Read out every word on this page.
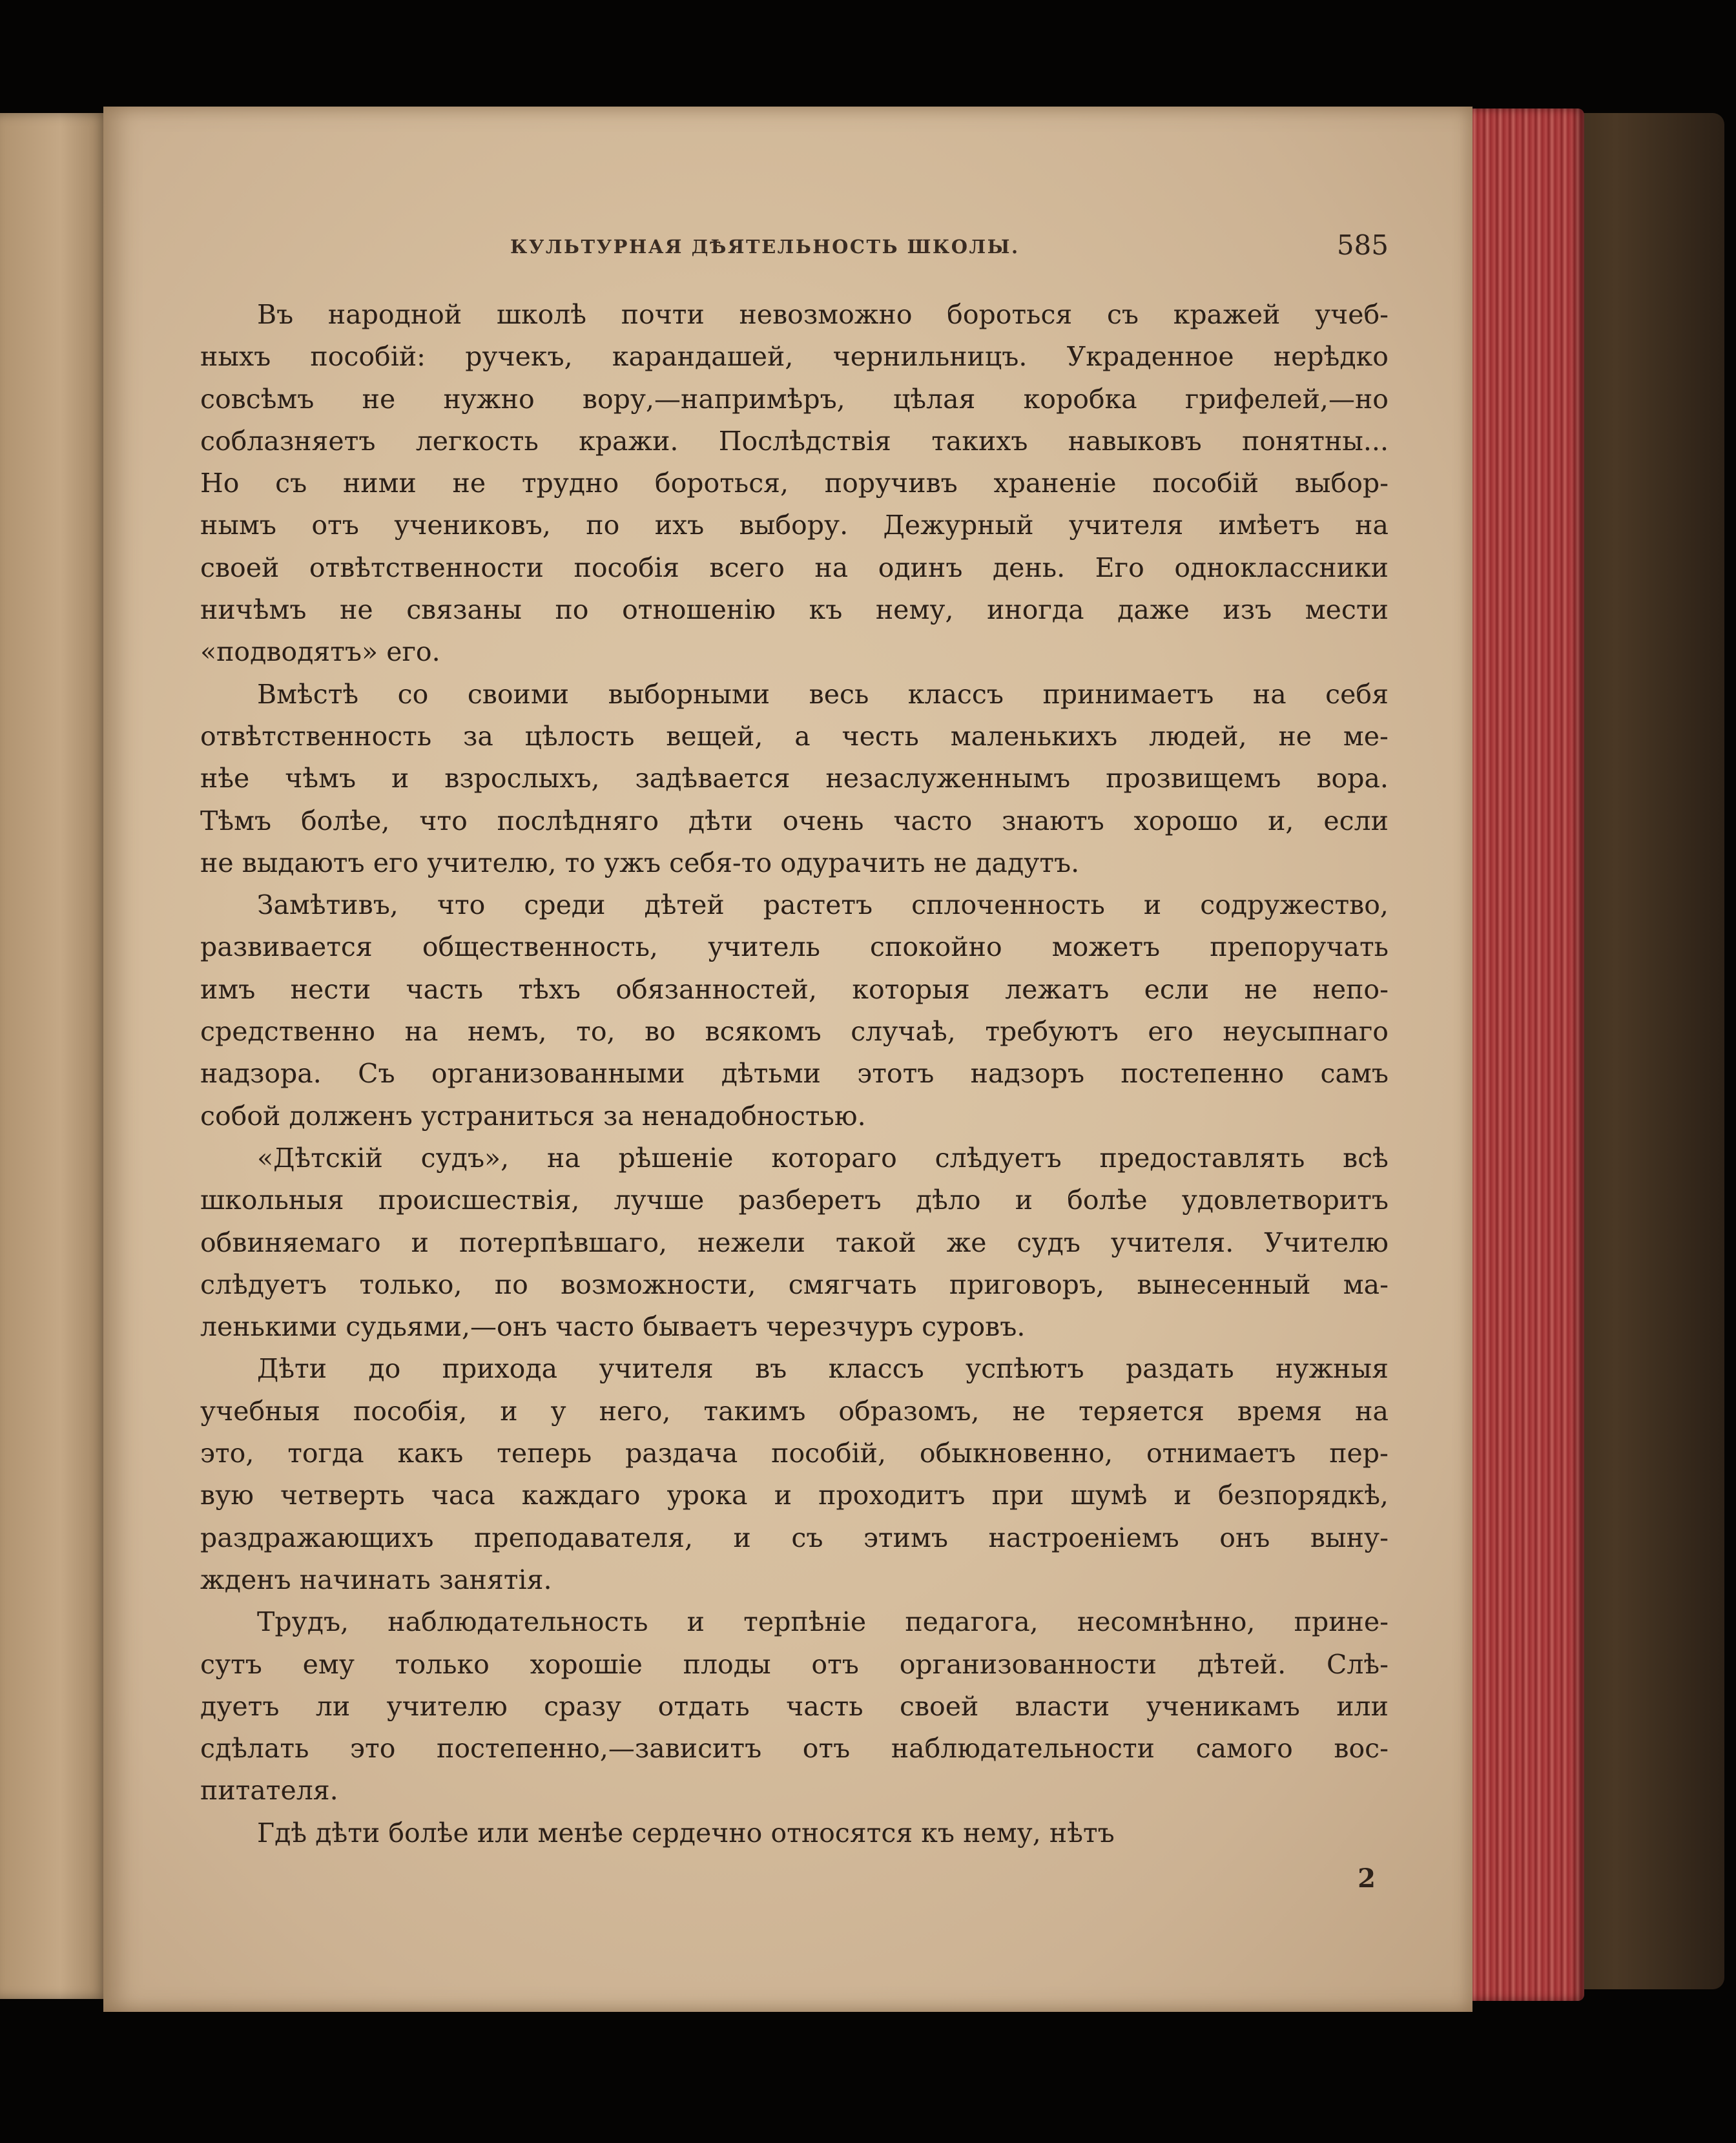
КУЛЬТУРНАЯ ДѢЯТЕЛЬНОСТЬ ШКОЛЫ.	585
Въ народной школѣ почти невозможно бороться съ кражей учеб-
ныхъ пособій: ручекъ, карандашей, чернильницъ. Украденное нерѣдко
совсѣмъ не нужно вору,—напримѣръ, цѣлая коробка грифелей,—но
соблазняетъ легкость кражи. Послѣдствія такихъ навыковъ понятны...
Но съ ними не трудно бороться, поручивъ храненіе пособій выбор-
нымъ отъ учениковъ, по ихъ выбору. Дежурный учителя имѣетъ на
своей отвѣтственности пособія всего на одинъ день. Его одноклассники
ничѣмъ не связаны по отношенію къ нему, иногда даже изъ мести
«подводятъ» его.
Вмѣстѣ со своими выборными весь классъ принимаетъ на себя
отвѣтственность за цѣлость вещей, а честь маленькихъ людей, не ме-
нѣе чѣмъ и взрослыхъ, задѣвается незаслуженнымъ прозвищемъ вора.
Тѣмъ болѣе, что послѣдняго дѣти очень часто знаютъ хорошо и, если
не выдаютъ его учителю, то ужъ себя-то одурачить не дадутъ.
Замѣтивъ, что среди дѣтей растетъ сплоченность и содружество,
развивается общественность, учитель спокойно можетъ препоручать
имъ нести часть тѣхъ обязанностей, которыя лежатъ если не непо-
средственно на немъ, то, во всякомъ случаѣ, требуютъ его неусыпнаго
надзора. Съ организованными дѣтьми этотъ надзоръ постепенно самъ
собой долженъ устраниться за ненадобностью.
«Дѣтскій судъ», на рѣшеніе котораго слѣдуетъ предоставлять всѣ
школьныя происшествія, лучше разберетъ дѣло и болѣе удовлетворитъ
обвиняемаго и потерпѣвшаго, нежели такой же судъ учителя. Учителю
слѣдуетъ только, по возможности, смягчать приговоръ, вынесенный ма-
ленькими судьями,—онъ часто бываетъ черезчуръ суровъ.
Дѣти до прихода учителя въ классъ успѣютъ раздать нужныя
учебныя пособія, и у него, такимъ образомъ, не теряется время на
это, тогда какъ теперь раздача пособій, обыкновенно, отнимаетъ пер-
вую четверть часа каждаго урока и проходитъ при шумѣ и безпорядкѣ,
раздражающихъ преподавателя, и съ этимъ настроеніемъ онъ выну-
жденъ начинать занятія.
Трудъ, наблюдательность и терпѣніе педагога, несомнѣнно, прине-
сутъ ему только хорошіе плоды отъ организованности дѣтей. Слѣ-
дуетъ ли учителю сразу отдать часть своей власти ученикамъ или
сдѣлать это постепенно,—зависитъ отъ наблюдательности самого вос-
питателя.
Гдѣ дѣти болѣе или менѣе сердечно относятся къ нему, нѣтъ
2
